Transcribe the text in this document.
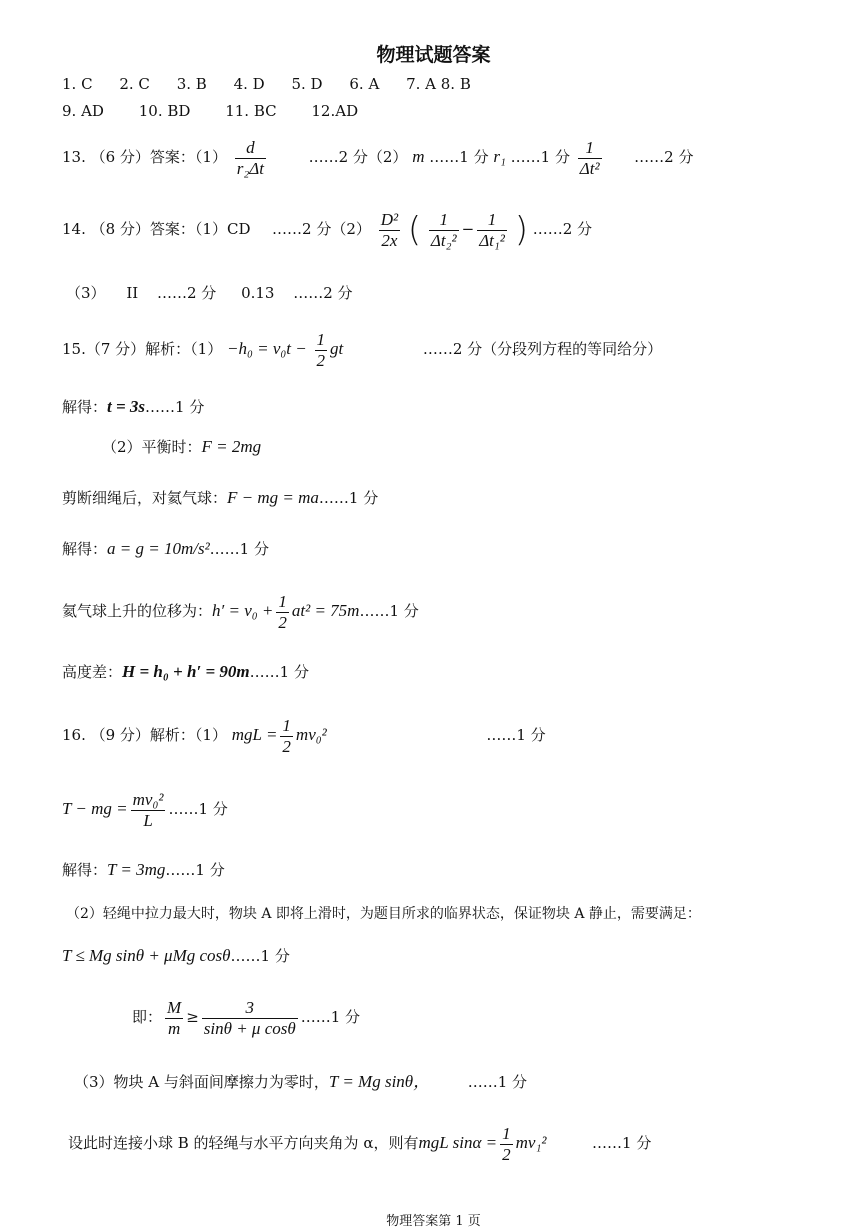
物理试题答案
1. C 2. C 3. B 4. D 5. D 6. A 7. A 8. B
9. AD 10. BD 11. BC 12.AD
13. （6 分）答案：$(1) \frac{d}{\text{r₂Δt}}$	……2 分（2） m ……1 分 r₁ ……1 分 $\frac{1}{\text{Δt²}}$ ……2 分
14. （8 分）答案：（1）CD ……2 分$(2) \frac{\text{D²}}{2x}$ ( $\frac{1}{\text{Δt₂²}} - \frac{1}{\text{Δt₁²}}$ ) ……2 分
（3） II ……2 分 0.13 ……2 分
15.（7 分）解析：$(1) -h_0 = v_0t - \frac{1}{2}$ gt	……2 分（分段列方程的等同给分）
解得：t = 3s……1 分
（2）平衡时：F = 2mg
剪断细绳后，对氦气球：F − mg = ma……1 分
解得：a = g = 10m/s²……1 分
氦气球上升的位移为：$h' = v_0 + \frac{1}{2} at^2$ = 75m……1 分
高度差：H = h₀ + h′ = 90m……1 分
16. （9 分）解析：（1） mgL = $\frac{1}{2} mv_0^2$	……1 分
T − mg = $\frac{\text{mv₀²}}{L}$ ……1 分
解得：T = 3mg……1 分
（2）轻绳中拉力最大时，物块 A 即将上滑时，为题目所求的临界状态，保证物块 A 静止，需要满足：
T ≤ Mg sinθ + μMg cosθ……1 分
即： $\frac{M}{m} \ge \frac{3}{\text{sinθ + μ cosθ}}$ ……1 分
（3）物块 A 与斜面间摩擦力为零时，T = Mg sinθ，	……1 分
设此时连接小球 B 的轻绳与水平方向夹角为 α，则有mgL $\sin\alpha = \frac{1}{2} mv_1^2$	……1 分
物理答案第 1 页
